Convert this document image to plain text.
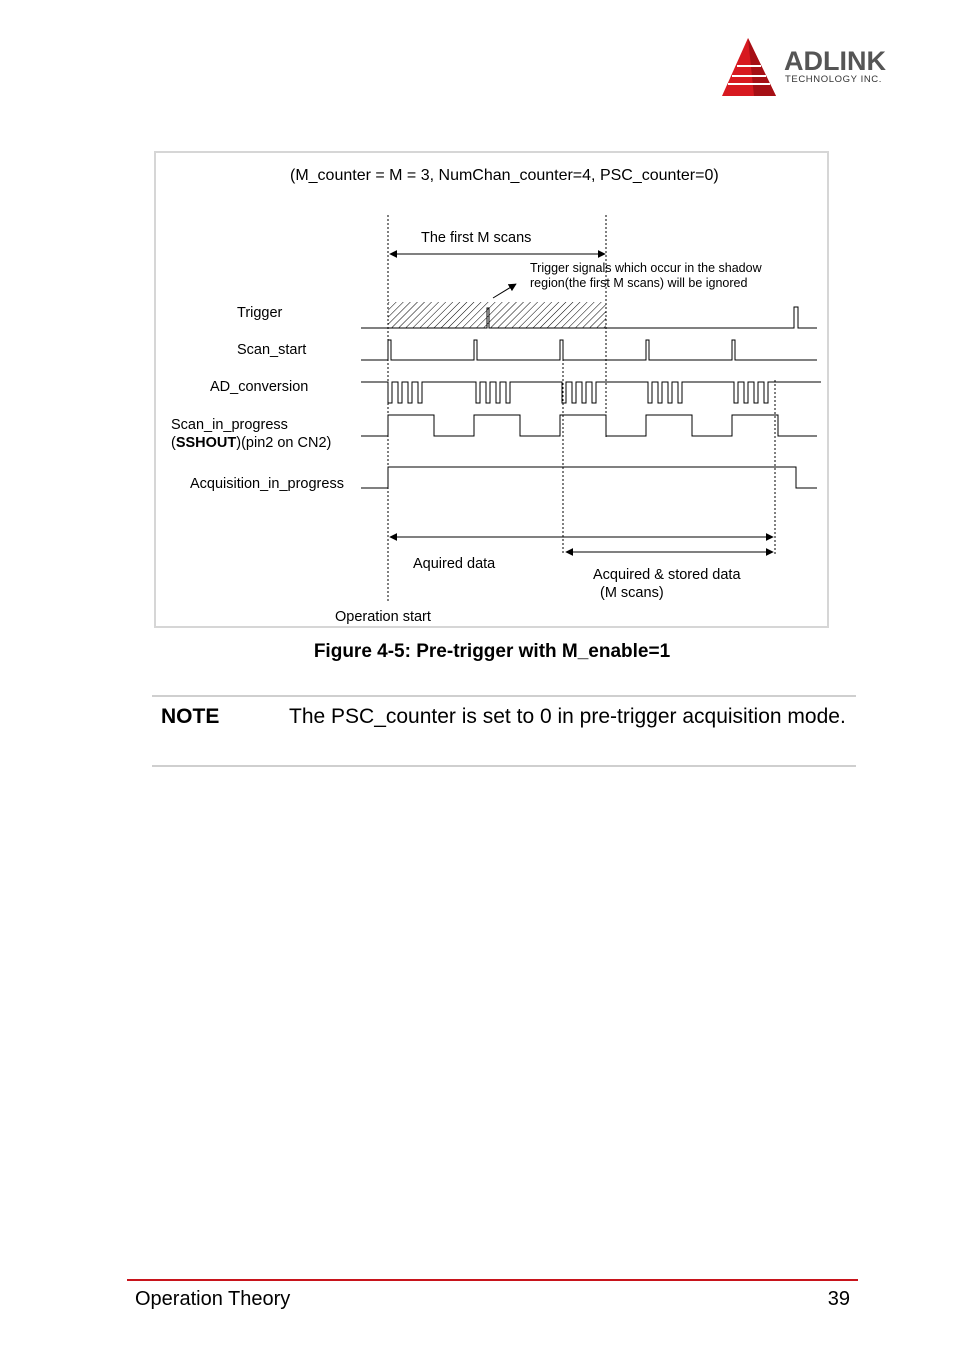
ADLINK
TECHNOLOGY INC.
(M_counter = M = 3, NumChan_counter=4, PSC_counter=0)
The first M scans
Trigger signals which occur in the shadow
region(the first M scans) will be ignored
Trigger
Scan_start
AD_conversion
Scan_in_progress
(SSHOUT)(pin2 on CN2)
Acquisition_in_progress
Aquired data
Acquired & stored data
(M scans)
Operation start
Figure 4-5: Pre-trigger with M_enable=1
NOTE	The PSC_counter is set to 0 in pre-trigger acquisition mode.
Operation Theory	39
